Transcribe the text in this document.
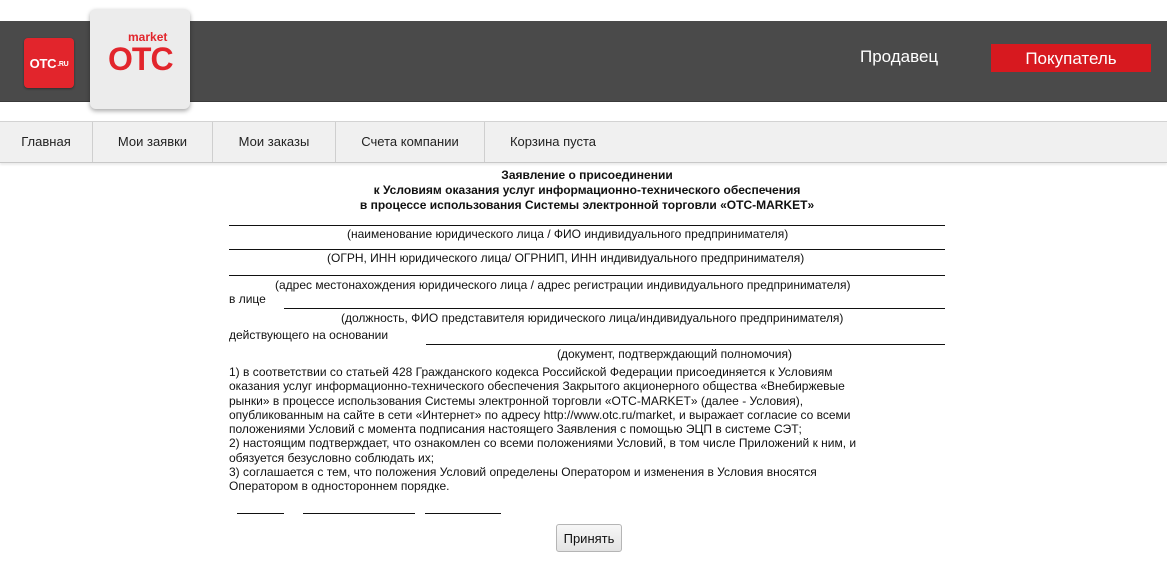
OTC .RU
market
OTC	Продавец	Покупатель
Главная	Мои заявки	Мои заказы	Счета компании	Корзина пуста
Заявление о присоединении
к Условиям оказания услуг информационно-технического обеспечения
в процессе использования Системы электронной торговли «ОТС-MARKET»
(наименование юридического лица / ФИО индивидуального предпринимателя)
(ОГРН, ИНН юридического лица/ ОГРНИП, ИНН индивидуального предпринимателя)
(адрес местонахождения юридического лица / адрес регистрации индивидуального предпринимателя)
в лице
(должность, ФИО представителя юридического лица/индивидуального предпринимателя)
действующего на основании
(документ, подтверждающий полномочия)
1) в соответствии со статьей 428 Гражданского кодекса Российской Федерации присоединяется к Условиям
оказания услуг информационно-технического обеспечения Закрытого акционерного общества «Внебиржевые
рынки» в процессе использования Системы электронной торговли «ОТС-MARKET» (далее - Условия),
опубликованным на сайте в сети «Интернет» по адресу http://www.otc.ru/market, и выражает согласие со всеми
положениями Условий с момента подписания настоящего Заявления с помощью ЭЦП в системе СЭТ;
2) настоящим подтверждает, что ознакомлен со всеми положениями Условий, в том числе Приложений к ним, и
обязуется безусловно соблюдать их;
3) соглашается с тем, что положения Условий определены Оператором и изменения в Условия вносятся
Оператором в одностороннем порядке.
Принять
